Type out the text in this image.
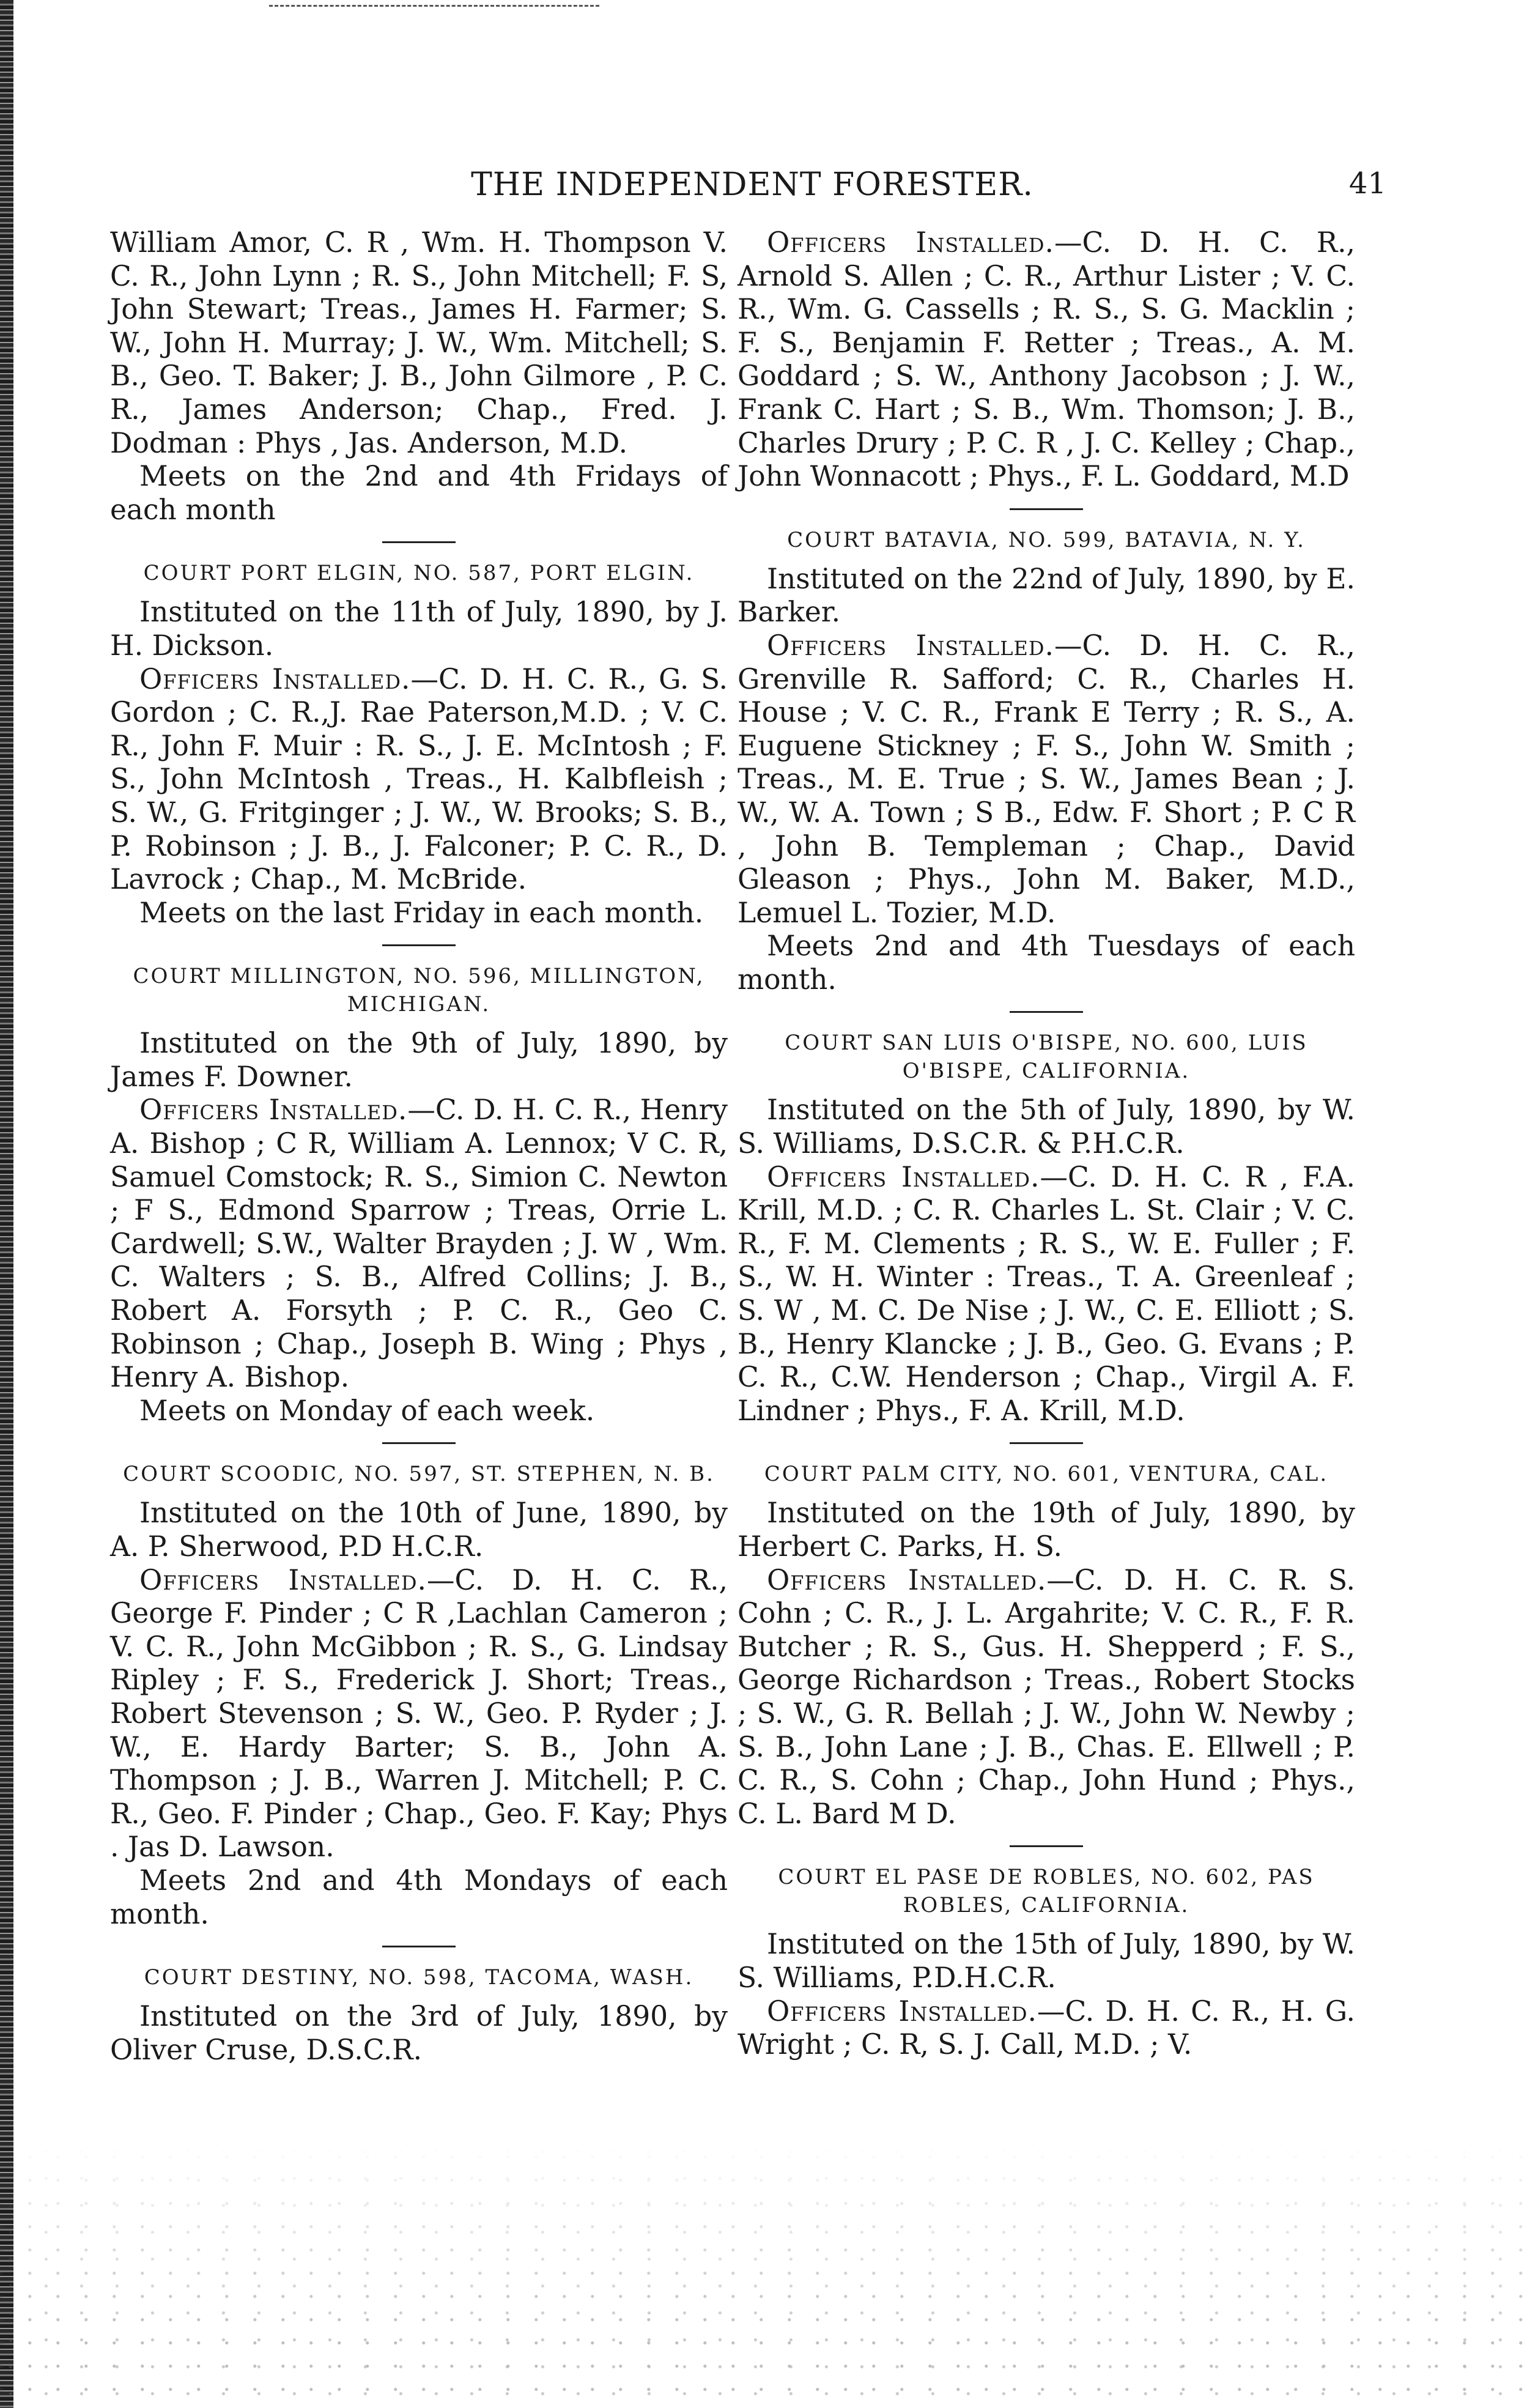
THE INDEPENDENT FORESTER.	41

William Amor, C. R , Wm. H. Thompson V. C. R., John Lynn ; R. S., John Mitchell; F. S, John Stewart; Treas., James H. Farmer; S. W., John H. Murray; J. W., Wm. Mitchell; S. B., Geo. T. Baker; J. B., John Gilmore , P. C. R., James Anderson; Chap., Fred. J. Dodman : Phys , Jas. Anderson, M.D.

Meets on the 2nd and 4th Fridays of each month

COURT PORT ELGIN, NO. 587, PORT ELGIN.

Instituted on the 11th of July, 1890, by J. H. Dickson.

Officers Installed.—C. D. H. C. R., G. S. Gordon ; C. R.,J. Rae Paterson,M.D. ; V. C. R., John F. Muir : R. S., J. E. McIntosh ; F. S., John McIntosh , Treas., H. Kalbfleish ; S. W., G. Fritginger ; J. W., W. Brooks; S. B., P. Robinson ; J. B., J. Falconer; P. C. R., D. Lavrock ; Chap., M. McBride.

Meets on the last Friday in each month.

COURT MILLINGTON, NO. 596, MILLINGTON, MICHIGAN.

Instituted on the 9th of July, 1890, by James F. Downer.

Officers Installed.—C. D. H. C. R., Henry A. Bishop ; C R, William A. Lennox; V C. R, Samuel Comstock; R. S., Simion C. Newton ; F S., Edmond Sparrow ; Treas, Orrie L. Cardwell; S.W., Walter Brayden ; J. W , Wm. C. Walters ; S. B., Alfred Collins; J. B., Robert A. Forsyth ; P. C. R., Geo C. Robinson ; Chap., Joseph B. Wing ; Phys , Henry A. Bishop.

Meets on Monday of each week.

COURT SCOODIC, NO. 597, ST. STEPHEN, N. B.

Instituted on the 10th of June, 1890, by A. P. Sherwood, P.D H.C.R.

Officers Installed.—C. D. H. C. R., George F. Pinder ; C R ,Lachlan Cameron ; V. C. R., John McGibbon ; R. S., G. Lindsay Ripley ; F. S., Frederick J. Short; Treas., Robert Stevenson ; S. W., Geo. P. Ryder ; J. W., E. Hardy Barter; S. B., John A. Thompson ; J. B., Warren J. Mitchell; P. C. R., Geo. F. Pinder ; Chap., Geo. F. Kay; Phys . Jas D. Lawson.

Meets 2nd and 4th Mondays of each month.

COURT DESTINY, NO. 598, TACOMA, WASH.

Instituted on the 3rd of July, 1890, by Oliver Cruse, D.S.C.R.

Officers Installed.—C. D. H. C. R., Arnold S. Allen ; C. R., Arthur Lister ; V. C. R., Wm. G. Cassells ; R. S., S. G. Macklin ; F. S., Benjamin F. Retter ; Treas., A. M. Goddard ; S. W., Anthony Jacobson ; J. W., Frank C. Hart ; S. B., Wm. Thomson; J. B., Charles Drury ; P. C. R , J. C. Kelley ; Chap., John Wonnacott ; Phys., F. L. Goddard, M.D

COURT BATAVIA, NO. 599, BATAVIA, N. Y.

Instituted on the 22nd of July, 1890, by E. Barker.

Officers Installed.—C. D. H. C. R., Grenville R. Safford; C. R., Charles H. House ; V. C. R., Frank E Terry ; R. S., A. Euguene Stickney ; F. S., John W. Smith ; Treas., M. E. True ; S. W., James Bean ; J. W., W. A. Town ; S B., Edw. F. Short ; P. C R , John B. Templeman ; Chap., David Gleason ; Phys., John M. Baker, M.D., Lemuel L. Tozier, M.D.

Meets 2nd and 4th Tuesdays of each month.

COURT SAN LUIS O'BISPE, NO. 600, LUIS O'BISPE, CALIFORNIA.

Instituted on the 5th of July, 1890, by W. S. Williams, D.S.C.R. & P.H.C.R.

Officers Installed.—C. D. H. C. R , F.A. Krill, M.D. ; C. R. Charles L. St. Clair ; V. C. R., F. M. Clements ; R. S., W. E. Fuller ; F. S., W. H. Winter : Treas., T. A. Greenleaf ; S. W , M. C. De Nise ; J. W., C. E. Elliott ; S. B., Henry Klancke ; J. B., Geo. G. Evans ; P. C. R., C.W. Henderson ; Chap., Virgil A. F. Lindner ; Phys., F. A. Krill, M.D.

COURT PALM CITY, NO. 601, VENTURA, CAL.

Instituted on the 19th of July, 1890, by Herbert C. Parks, H. S.

Officers Installed.—C. D. H. C. R. S. Cohn ; C. R., J. L. Argahrite; V. C. R., F. R. Butcher ; R. S., Gus. H. Shepperd ; F. S., George Richardson ; Treas., Robert Stocks ; S. W., G. R. Bellah ; J. W., John W. Newby ; S. B., John Lane ; J. B., Chas. E. Ellwell ; P. C. R., S. Cohn ; Chap., John Hund ; Phys., C. L. Bard M D.

COURT EL PASE DE ROBLES, NO. 602, PAS ROBLES, CALIFORNIA.

Instituted on the 15th of July, 1890, by W. S. Williams, P.D.H.C.R.

Officers Installed.—C. D. H. C. R., H. G. Wright ; C. R, S. J. Call, M.D. ; V.
